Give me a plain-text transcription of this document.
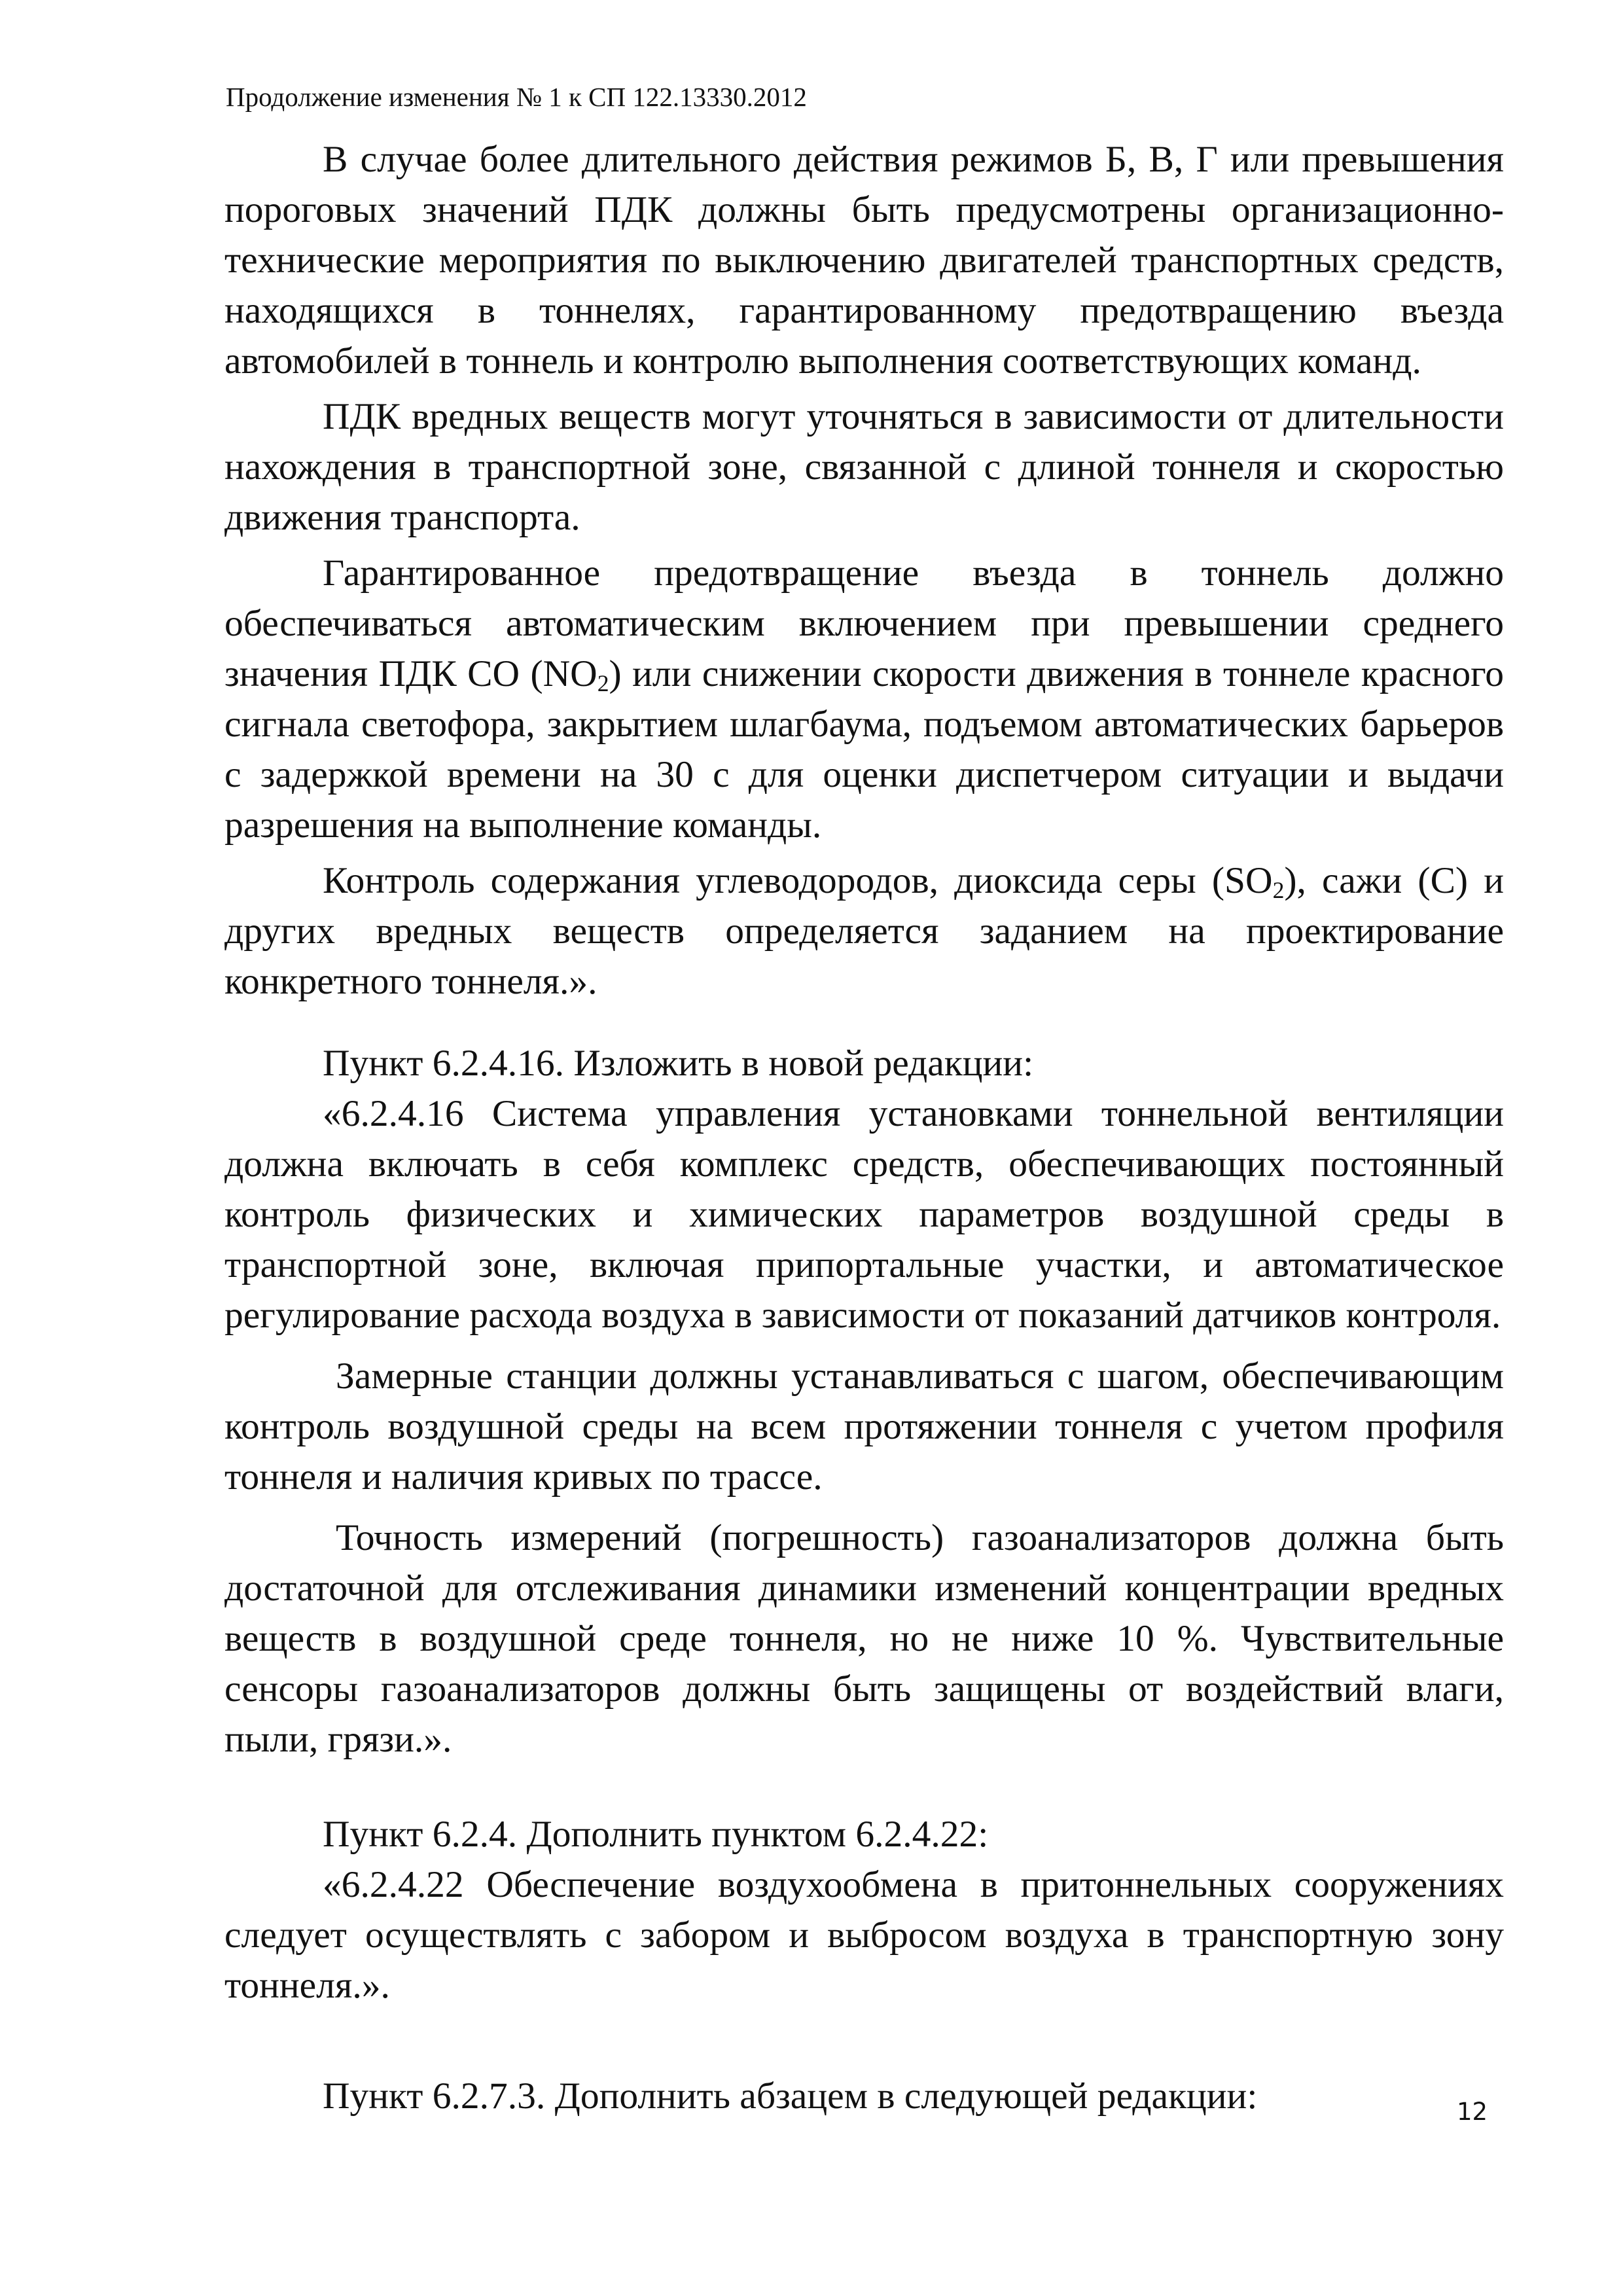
Продолжение изменения № 1 к СП 122.13330.2012

В случае более длительного действия режимов Б, В, Г или превышения пороговых значений ПДК должны быть предусмотрены организационно-технические мероприятия по выключению двигателей транспортных средств, находящихся в тоннелях, гарантированному предотвращению въезда автомобилей в тоннель и контролю выполнения соответствующих команд.

ПДК вредных веществ могут уточняться в зависимости от длительности нахождения в транспортной зоне, связанной с длиной тоннеля и скоростью движения транспорта.

Гарантированное предотвращение въезда в тоннель должно обеспечиваться автоматическим включением при превышении среднего значения ПДК СО $(NO_2)$ или снижении скорости движения в тоннеле красного сигнала светофора, закрытием шлагбаума, подъемом автоматических барьеров с задержкой времени на 30 с для оценки диспетчером ситуации и выдачи разрешения на выполнение команды.

Контроль содержания углеводородов, диоксида серы $(SO_2)$, сажи (С) и других вредных веществ определяется заданием на проектирование конкретного тоннеля.».

Пункт 6.2.4.16. Изложить в новой редакции:

«6.2.4.16 Система управления установками тоннельной вентиляции должна включать в себя комплекс средств, обеспечивающих постоянный контроль физических и химических параметров воздушной среды в транспортной зоне, включая припортальные участки, и автоматическое регулирование расхода воздуха в зависимости от показаний датчиков контроля.

Замерные станции должны устанавливаться с шагом, обеспечивающим контроль воздушной среды на всем протяжении тоннеля с учетом профиля тоннеля и наличия кривых по трассе.

Точность измерений (погрешность) газоанализаторов должна быть достаточной для отслеживания динамики изменений концентрации вредных веществ в воздушной среде тоннеля, но не ниже 10 %. Чувствительные сенсоры газоанализаторов должны быть защищены от воздействий влаги, пыли, грязи.».

Пункт 6.2.4. Дополнить пунктом 6.2.4.22:

«6.2.4.22 Обеспечение воздухообмена в притоннельных сооружениях следует осуществлять с забором и выбросом воздуха в транспортную зону тоннеля.».

Пункт 6.2.7.3. Дополнить абзацем в следующей редакции:	12
